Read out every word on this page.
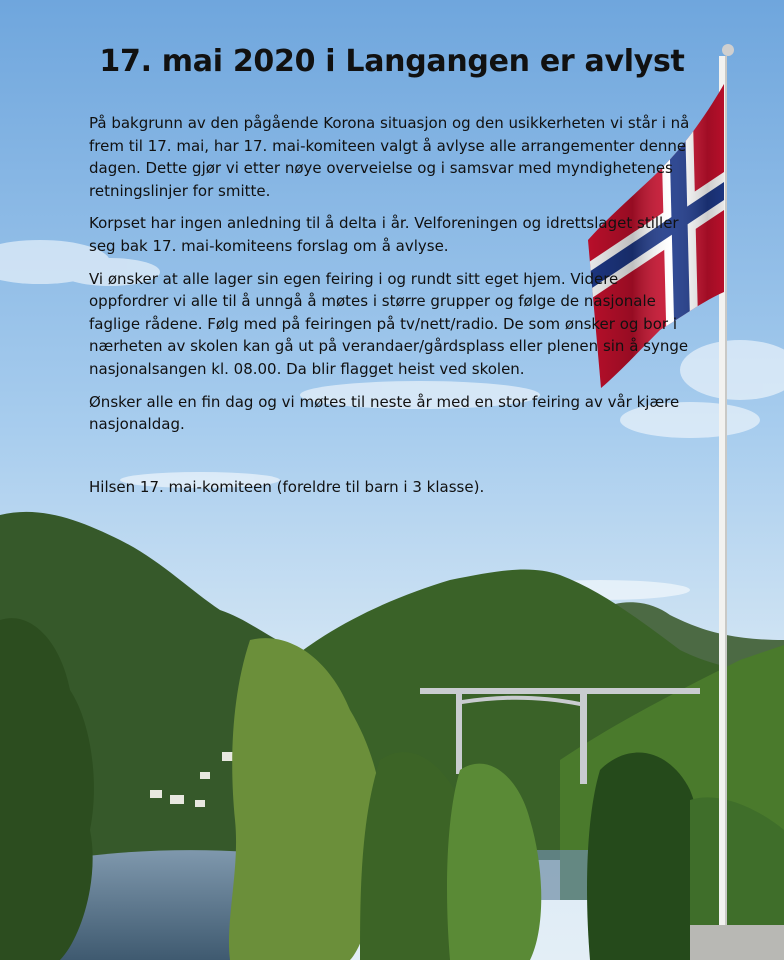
17. mai 2020 i Langangen er avlyst

På bakgrunn av den pågående Korona situasjon og den usikkerheten vi står i nå
frem til 17. mai, har 17. mai-komiteen valgt å avlyse alle arrangementer denne
dagen. Dette gjør vi etter nøye overveielse og i samsvar med myndighetenes
retningslinjer for smitte.

Korpset har ingen anledning til å delta i år. Velforeningen og idrettslaget stiller
seg bak 17. mai-komiteens forslag om å avlyse.

Vi ønsker at alle lager sin egen feiring i og rundt sitt eget hjem. Videre
oppfordrer vi alle til å unngå å møtes i større grupper og følge de nasjonale
faglige rådene. Følg med på feiringen på tv/nett/radio. De som ønsker og bor i
nærheten av skolen kan gå ut på verandaer/gårdsplass eller plenen sin å synge
nasjonalsangen kl. 08.00. Da blir flagget heist ved skolen.

Ønsker alle en fin dag og vi møtes til neste år med en stor feiring av vår kjære
nasjonaldag.

Hilsen 17. mai-komiteen (foreldre til barn i 3 klasse).
